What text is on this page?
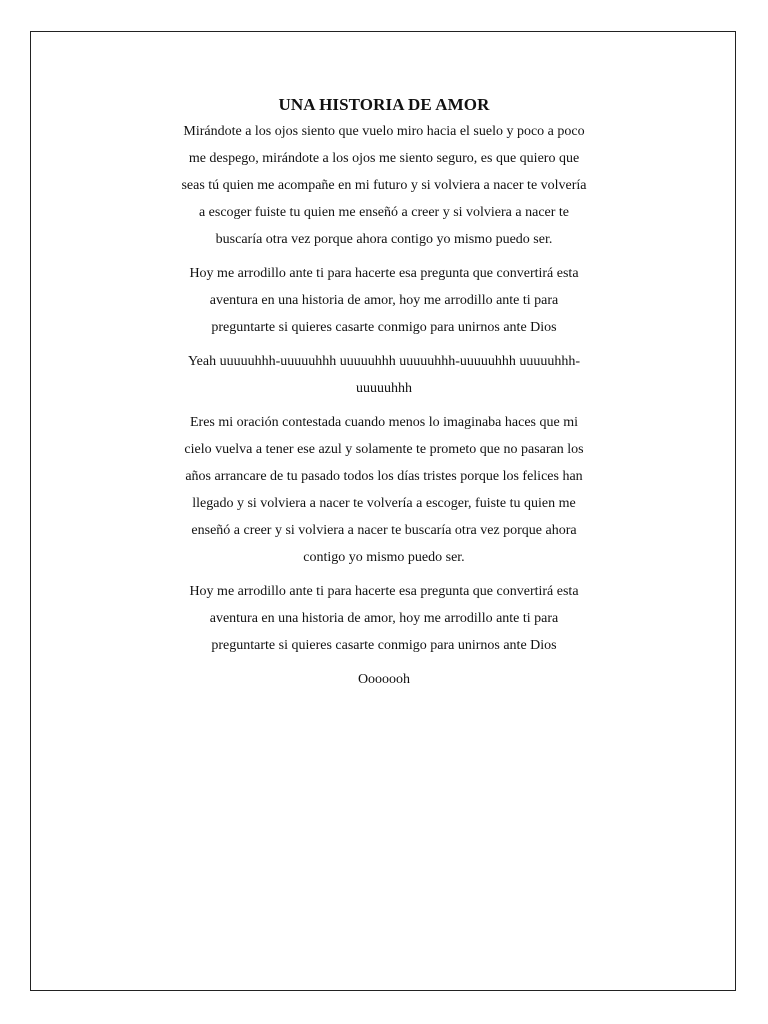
UNA HISTORIA DE AMOR

Mirándote a los ojos siento que vuelo miro hacia el suelo y poco a poco me despego, mirándote a los ojos me siento seguro, es que quiero que seas tú quien me acompañe en mi futuro y si volviera a nacer te volvería a escoger fuiste tu quien me enseñó a creer y si volviera a nacer te buscaría otra vez porque ahora contigo yo mismo puedo ser.

Hoy me arrodillo ante ti para hacerte esa pregunta que convertirá esta aventura en una historia de amor, hoy me arrodillo ante ti para preguntarte si quieres casarte conmigo para unirnos ante Dios

Yeah uuuuuhhh-uuuuuhhh uuuuuhhh uuuuuhhh-uuuuuhhh uuuuuhhh-uuuuuhhh

Eres mi oración contestada cuando menos lo imaginaba haces que mi cielo vuelva a tener ese azul y solamente te prometo que no pasaran los años arrancare de tu pasado todos los días tristes porque los felices han llegado y si volviera a nacer te volvería a escoger, fuiste tu quien me enseñó a creer y si volviera a nacer te buscaría otra vez porque ahora contigo yo mismo puedo ser.

Hoy me arrodillo ante ti para hacerte esa pregunta que convertirá esta aventura en una historia de amor, hoy me arrodillo ante ti para preguntarte si quieres casarte conmigo para unirnos ante Dios

Ooooooh
